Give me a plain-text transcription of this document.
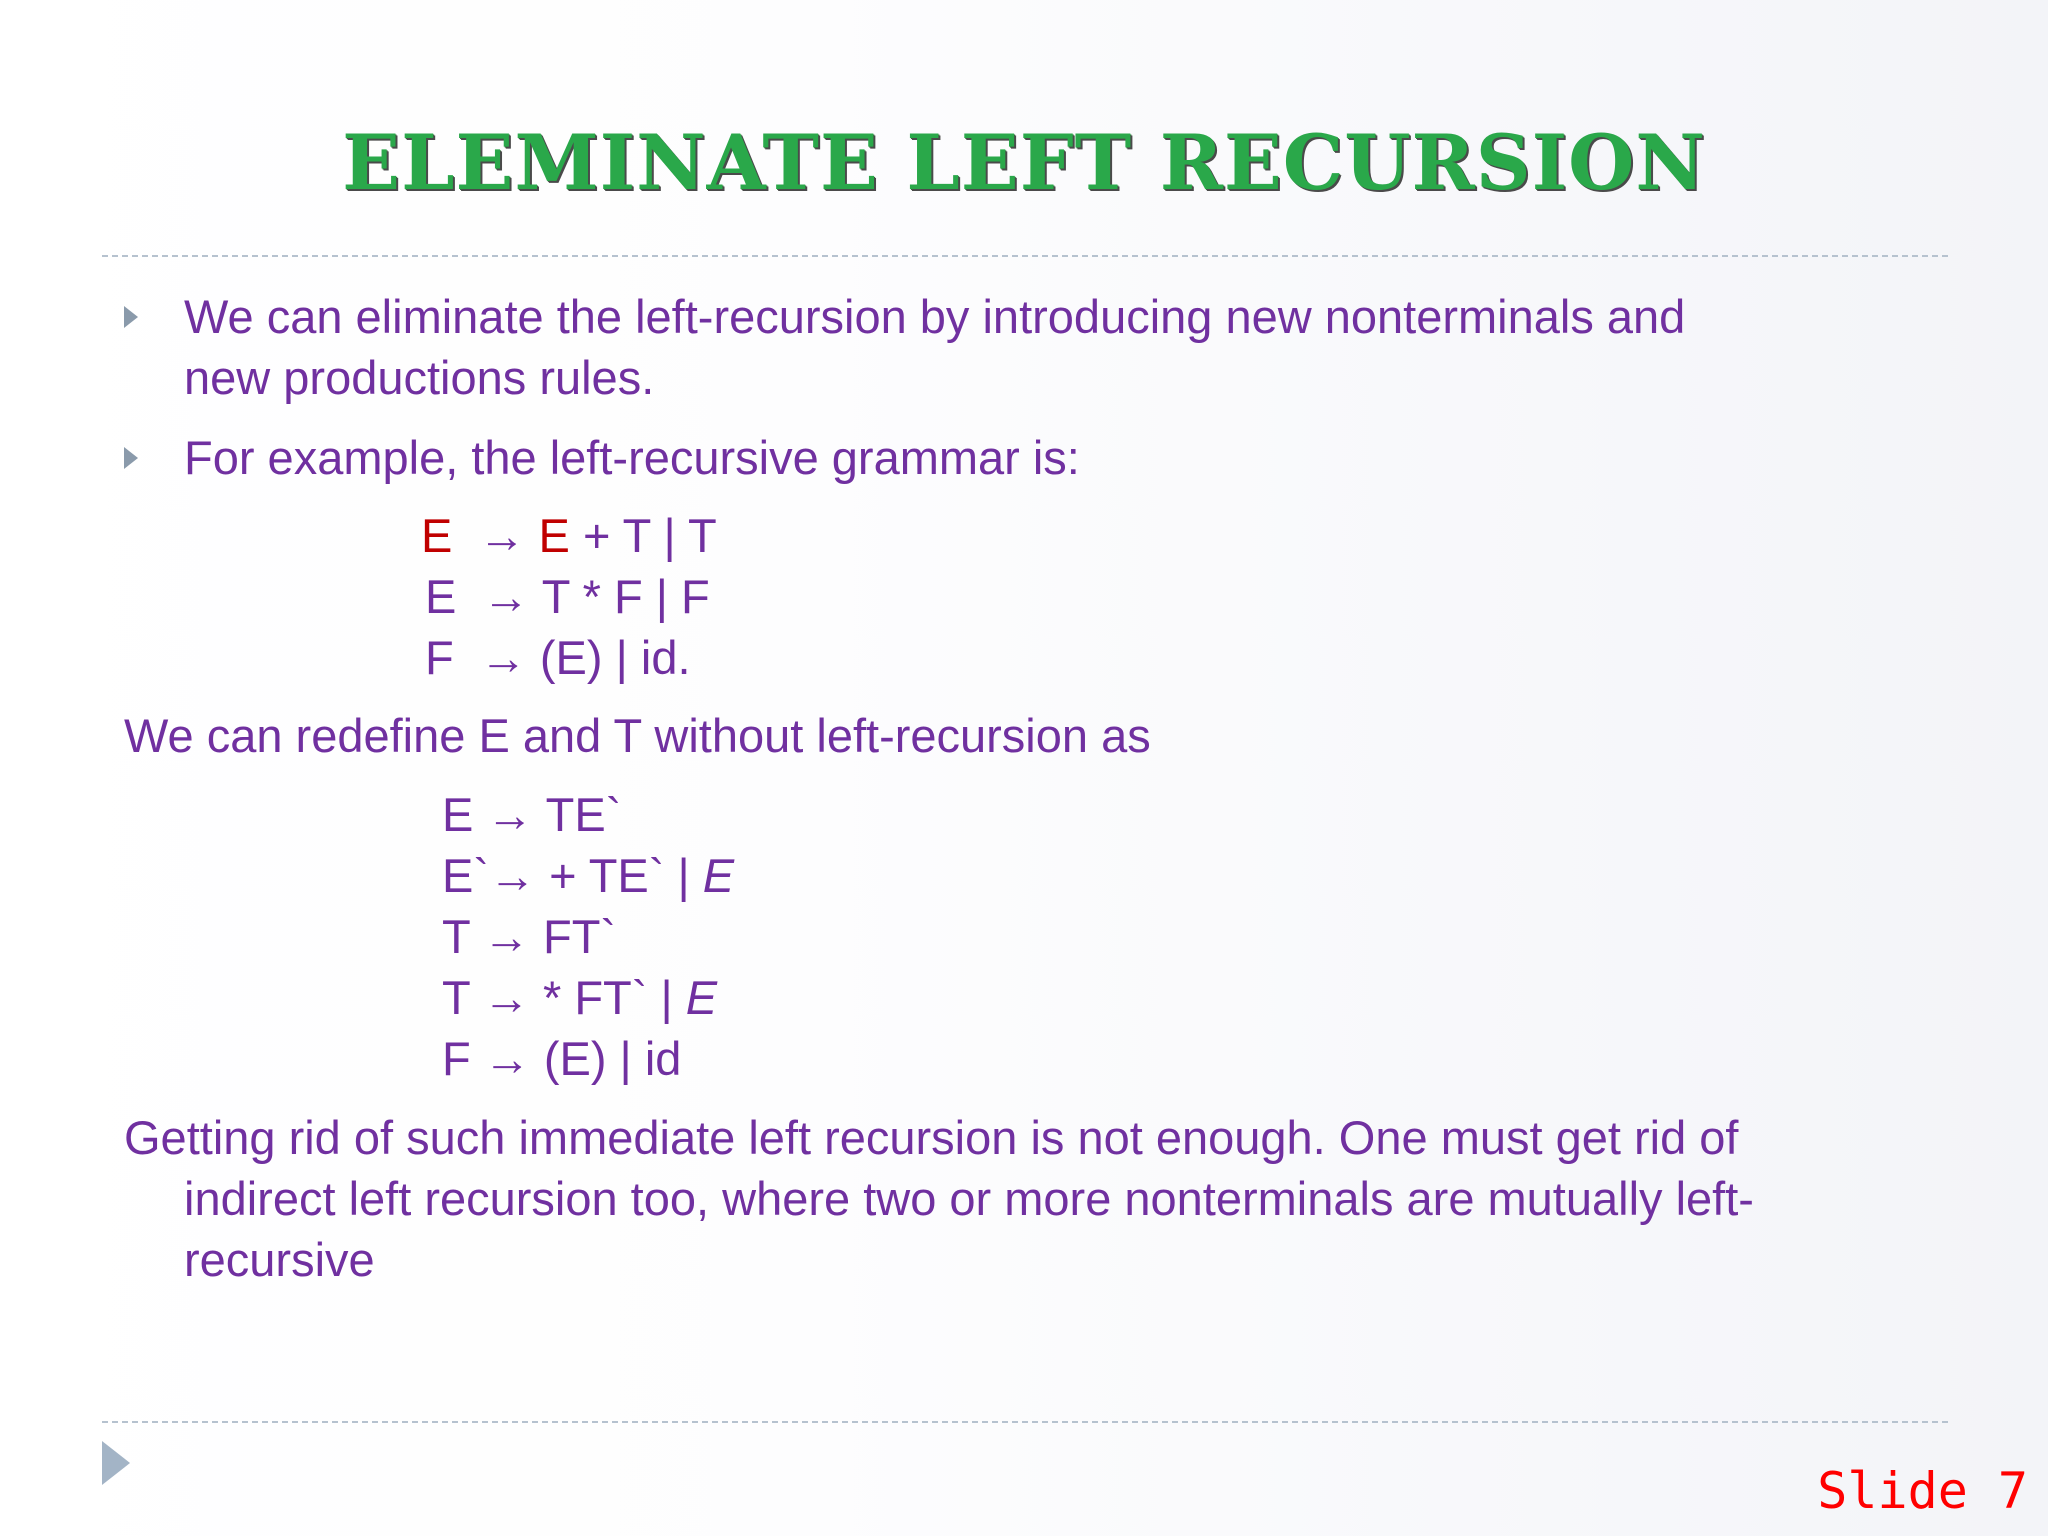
ELEMINATE LEFT RECURSION
We can eliminate the left-recursion by introducing new nonterminals and
new productions rules.
For example, the left-recursive grammar is:
E → E + T | T
E → T * F | F
F → (E) | id.
We can redefine E and T without left-recursion as
E → TE`
E`→ + TE` | E
T → FT`
T → * FT` | E
F → (E) | id
Getting rid of such immediate left recursion is not enough. One must get rid of
indirect left recursion too, where two or more nonterminals are mutually left-
recursive
Slide 7
